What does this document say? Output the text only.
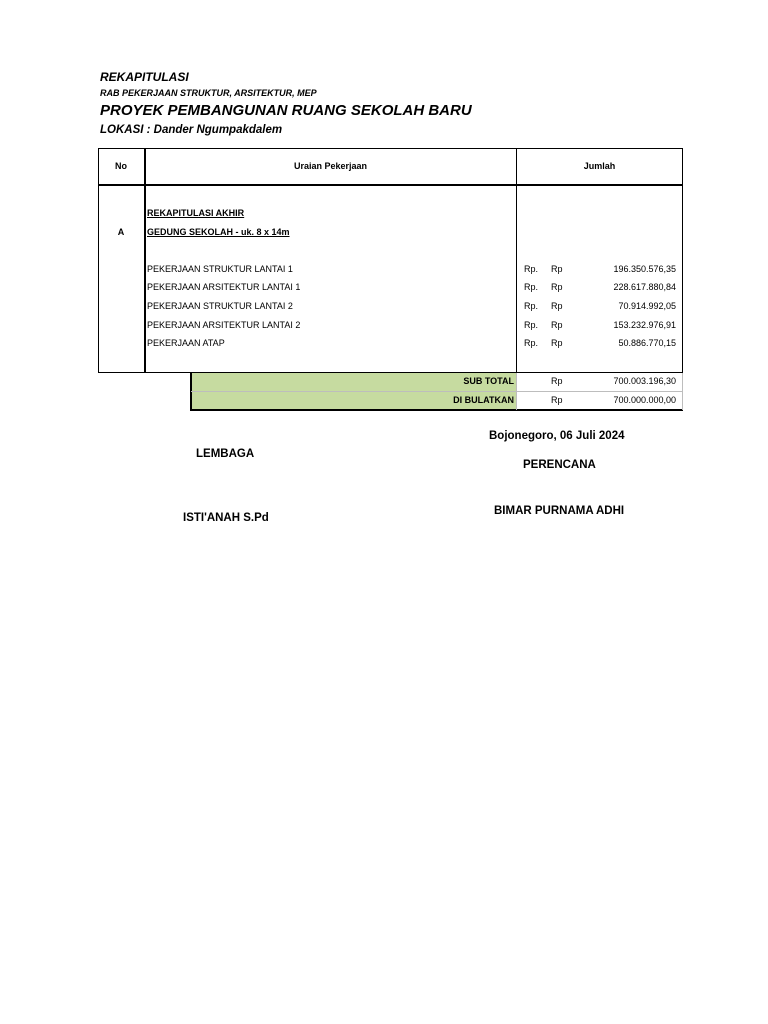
REKAPITULASI
RAB PEKERJAAN STRUKTUR, ARSITEKTUR, MEP
PROYEK PEMBANGUNAN RUANG SEKOLAH BARU
LOKASI : Dander Ngumpakdalem
No	Uraian Pekerjaan	Jumlah
A
REKAPITULASI AKHIR
GEDUNG SEKOLAH - uk. 8 x 14m
PEKERJAAN STRUKTUR LANTAI 1	Rp. Rp	196.350.576,35
PEKERJAAN ARSITEKTUR LANTAI 1	Rp. Rp	228.617.880,84
PEKERJAAN STRUKTUR LANTAI 2	Rp. Rp	70.914.992,05
PEKERJAAN ARSITEKTUR LANTAI 2	Rp. Rp	153.232.976,91
PEKERJAAN ATAP	Rp. Rp	50.886.770,15
SUB TOTAL	Rp	700.003.196,30
DI BULATKAN	Rp	700.000.000,00
Bojonegoro, 06 Juli 2024
LEMBAGA
PERENCANA
BIMAR PURNAMA ADHI
ISTI'ANAH S.Pd
